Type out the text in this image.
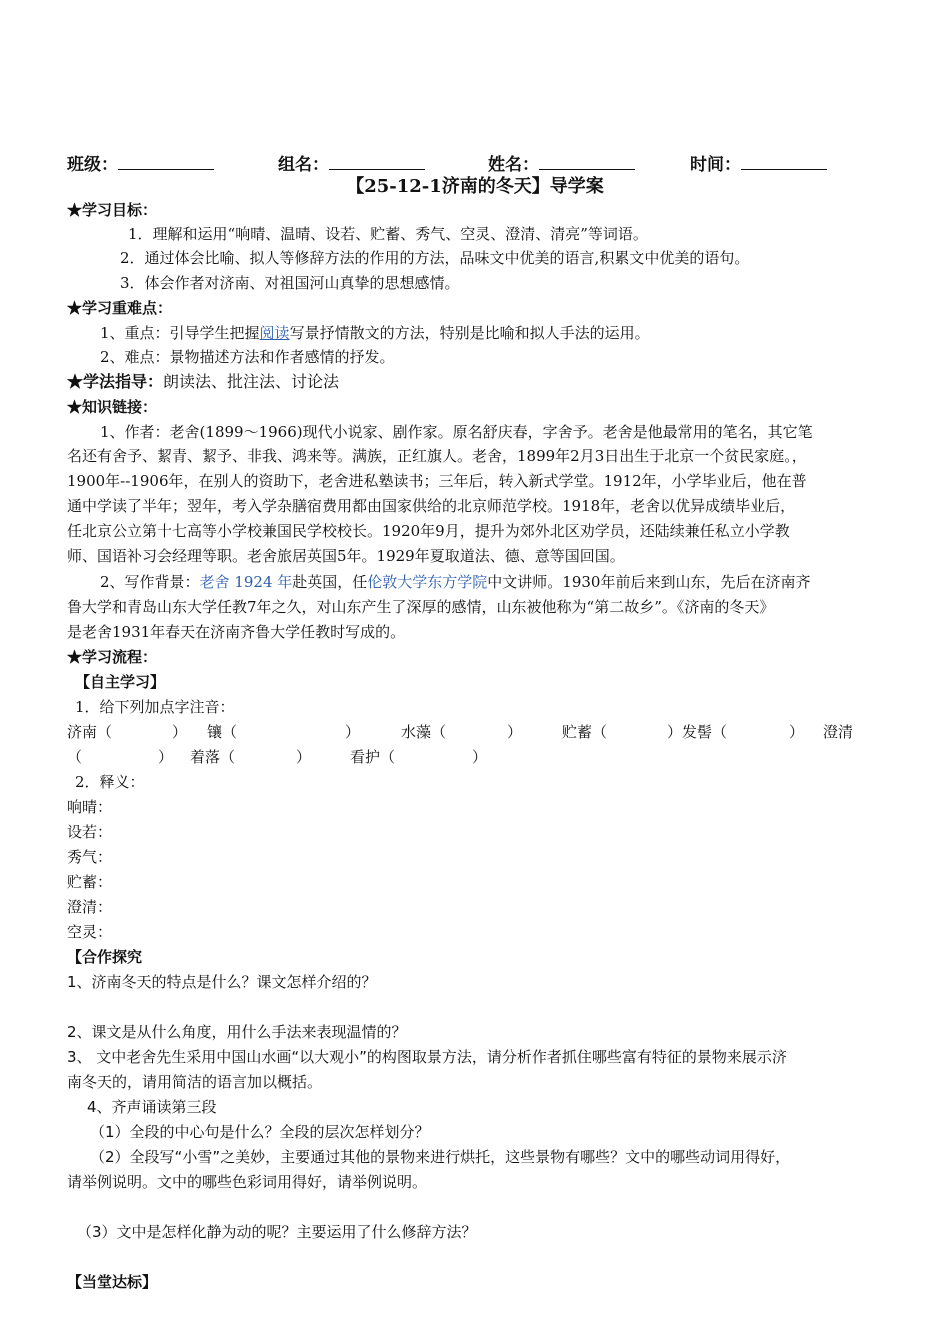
班级：	组名：	姓名：	时间：
【25-12-1济南的冬天】导学案
★学习目标：
1．理解和运用“响晴、温晴、设若、贮蓄、秀气、空灵、澄清、清亮”等词语。
2．通过体会比喻、拟人等修辞方法的作用的方法，品味文中优美的语言,积累文中优美的语句。
3．体会作者对济南、对祖国河山真挚的思想感情。
★学习重难点：
1、重点：引导学生把握阅读写景抒情散文的方法，特别是比喻和拟人手法的运用。
2、难点：景物描述方法和作者感情的抒发。
★学法指导：朗读法、批注法、讨论法
★知识链接：
1、作者：老舍(1899～1966)现代小说家、剧作家。原名舒庆春，字舍予。老舍是他最常用的笔名，其它笔
名还有舍予、絜青、絜予、非我、鸿来等。满族，正红旗人。老舍，1899年2月3日出生于北京一个贫民家庭。，
1900年--1906年，在别人的资助下，老舍进私塾读书；三年后，转入新式学堂。1912年，小学毕业后，他在普
通中学读了半年；翌年，考入学杂膳宿费用都由国家供给的北京师范学校。1918年，老舍以优异成绩毕业后，
任北京公立第十七高等小学校兼国民学校校长。1920年9月，提升为郊外北区劝学员，还陆续兼任私立小学教
师、国语补习会经理等职。老舍旅居英国5年。1929年夏取道法、德、意等国回国。
2、写作背景：老舍 1924 年赴英国，任伦敦大学东方学院中文讲师。1930年前后来到山东，先后在济南齐
鲁大学和青岛山东大学任教7年之久，对山东产生了深厚的感情，山东被他称为“第二故乡”。《济南的冬天》
是老舍1931年春天在济南齐鲁大学任教时写成的。
★学习流程：
【自主学习】
1．给下列加点字注音：
济南（	） 镶（	）	水藻（	）	贮蓄（	）发髻（	） 澄清
（	） 着落（	）	看护（	）
2．释义：
响晴：
设若：
秀气：
贮蓄：
澄清：
空灵：
【合作探究
1、济南冬天的特点是什么？课文怎样介绍的？
2、课文是从什么角度，用什么手法来表现温情的？
3、 文中老舍先生采用中国山水画“以大观小”的构图取景方法，请分析作者抓住哪些富有特征的景物来展示济
南冬天的，请用简洁的语言加以概括。
4、齐声诵读第三段
（1）全段的中心句是什么？全段的层次怎样划分？
（2）全段写“小雪”之美妙，主要通过其他的景物来进行烘托，这些景物有哪些？文中的哪些动词用得好，
请举例说明。文中的哪些色彩词用得好，请举例说明。
（3）文中是怎样化静为动的呢？主要运用了什么修辞方法？
【当堂达标】
